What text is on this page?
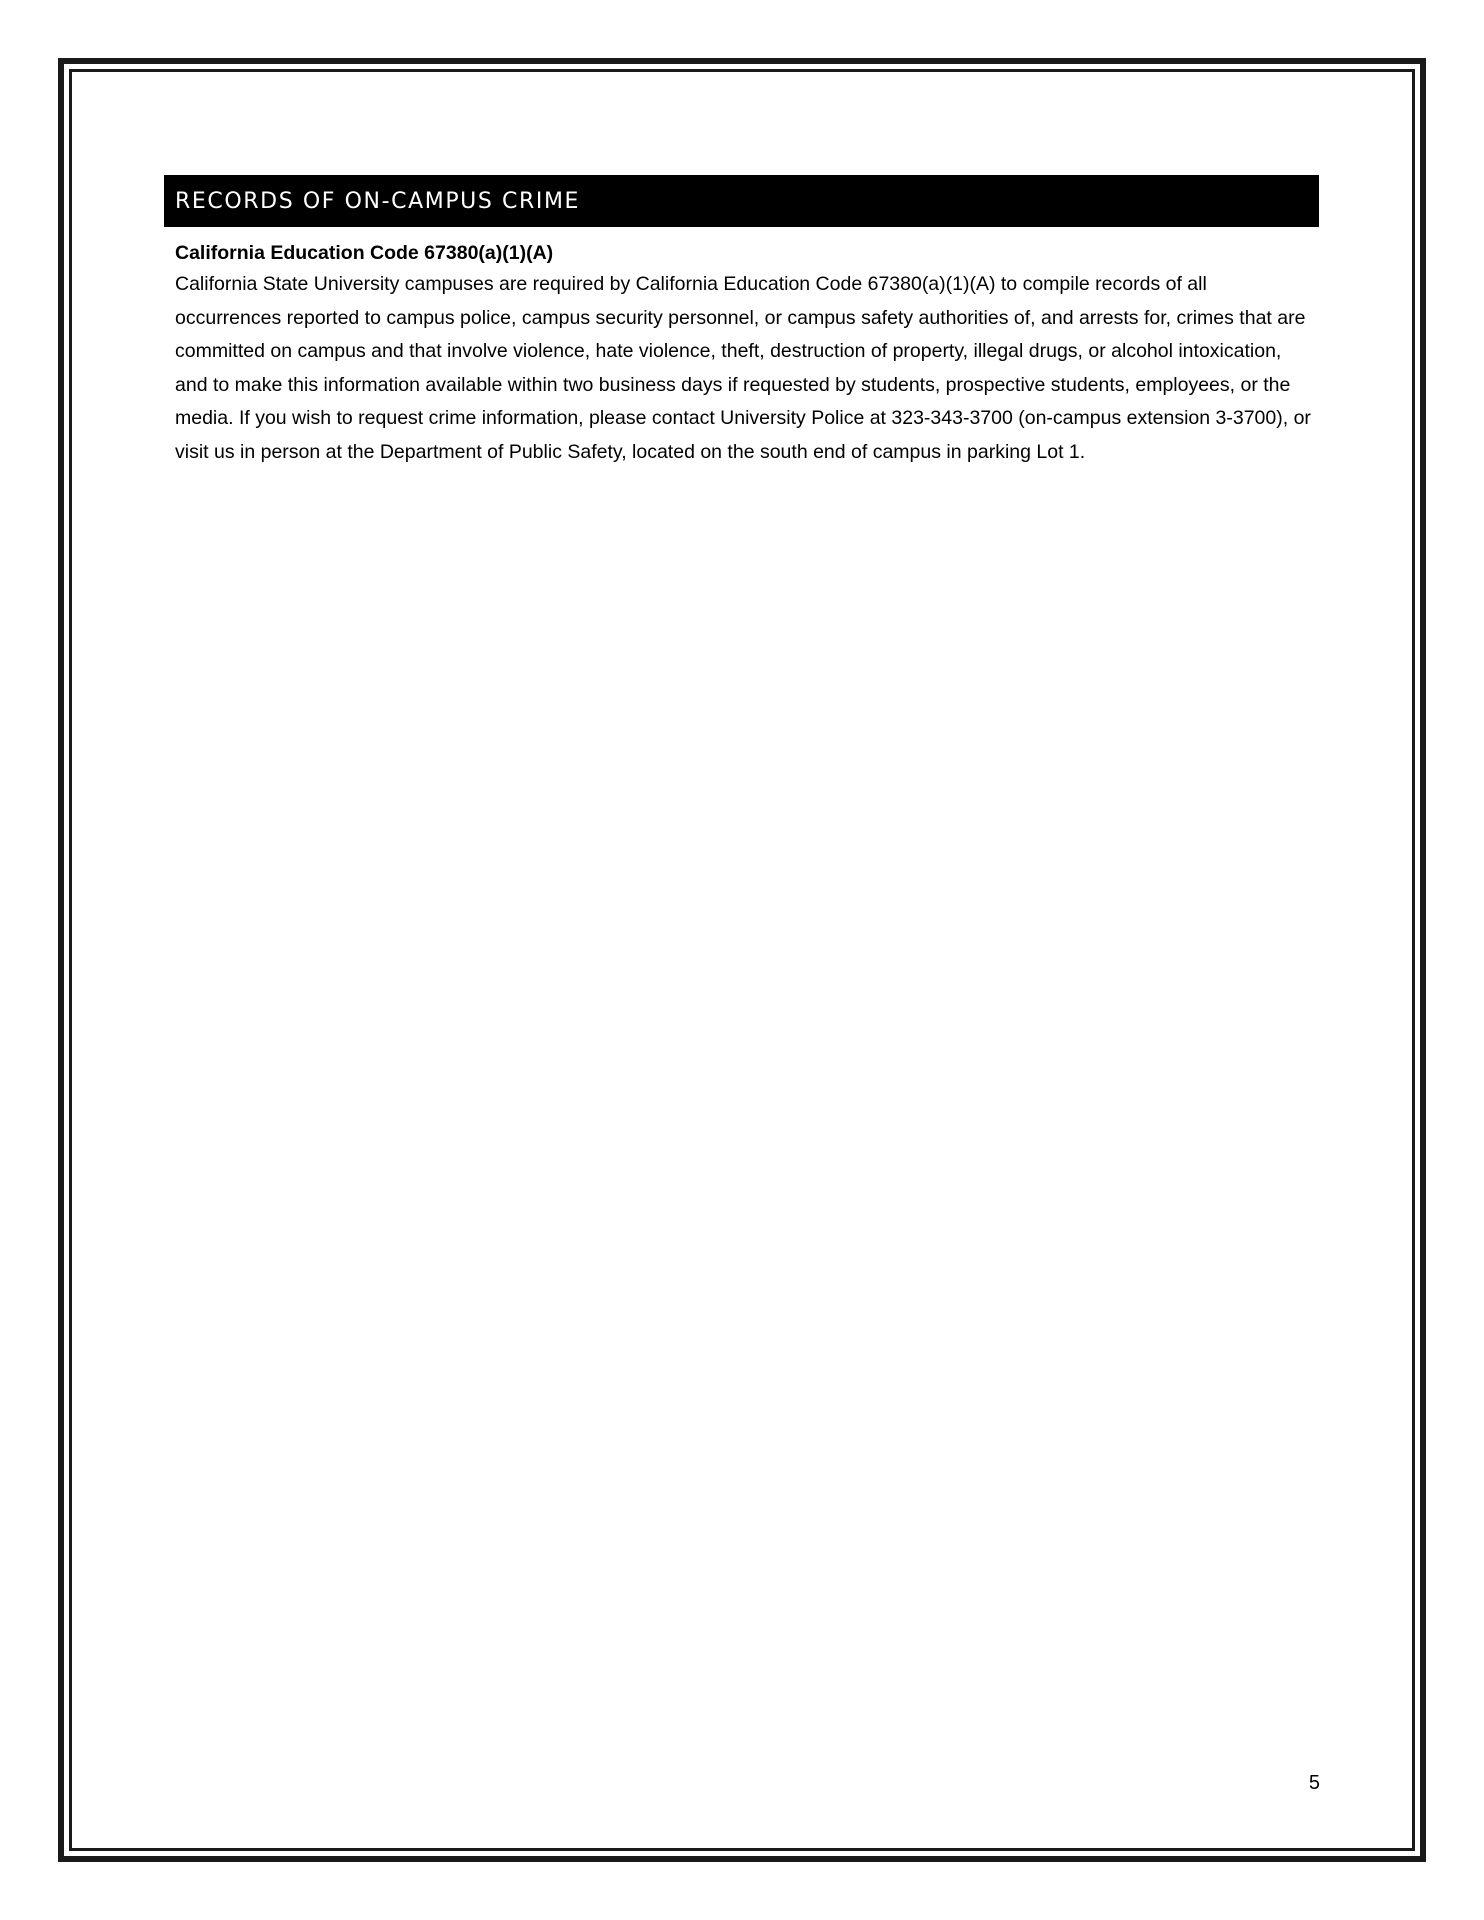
RECORDS OF ON-CAMPUS CRIME

California Education Code 67380(a)(1)(A)

California State University campuses are required by California Education Code 67380(a)(1)(A) to compile records of all occurrences reported to campus police, campus security personnel, or campus safety authorities of, and arrests for, crimes that are committed on campus and that involve violence, hate violence, theft, destruction of property, illegal drugs, or alcohol intoxication, and to make this information available within two business days if requested by students, prospective students, employees, or the media. If you wish to request crime information, please contact University Police at 323-343-3700 (on-campus extension 3-3700), or visit us in person at the Department of Public Safety, located on the south end of campus in parking Lot 1.

5
